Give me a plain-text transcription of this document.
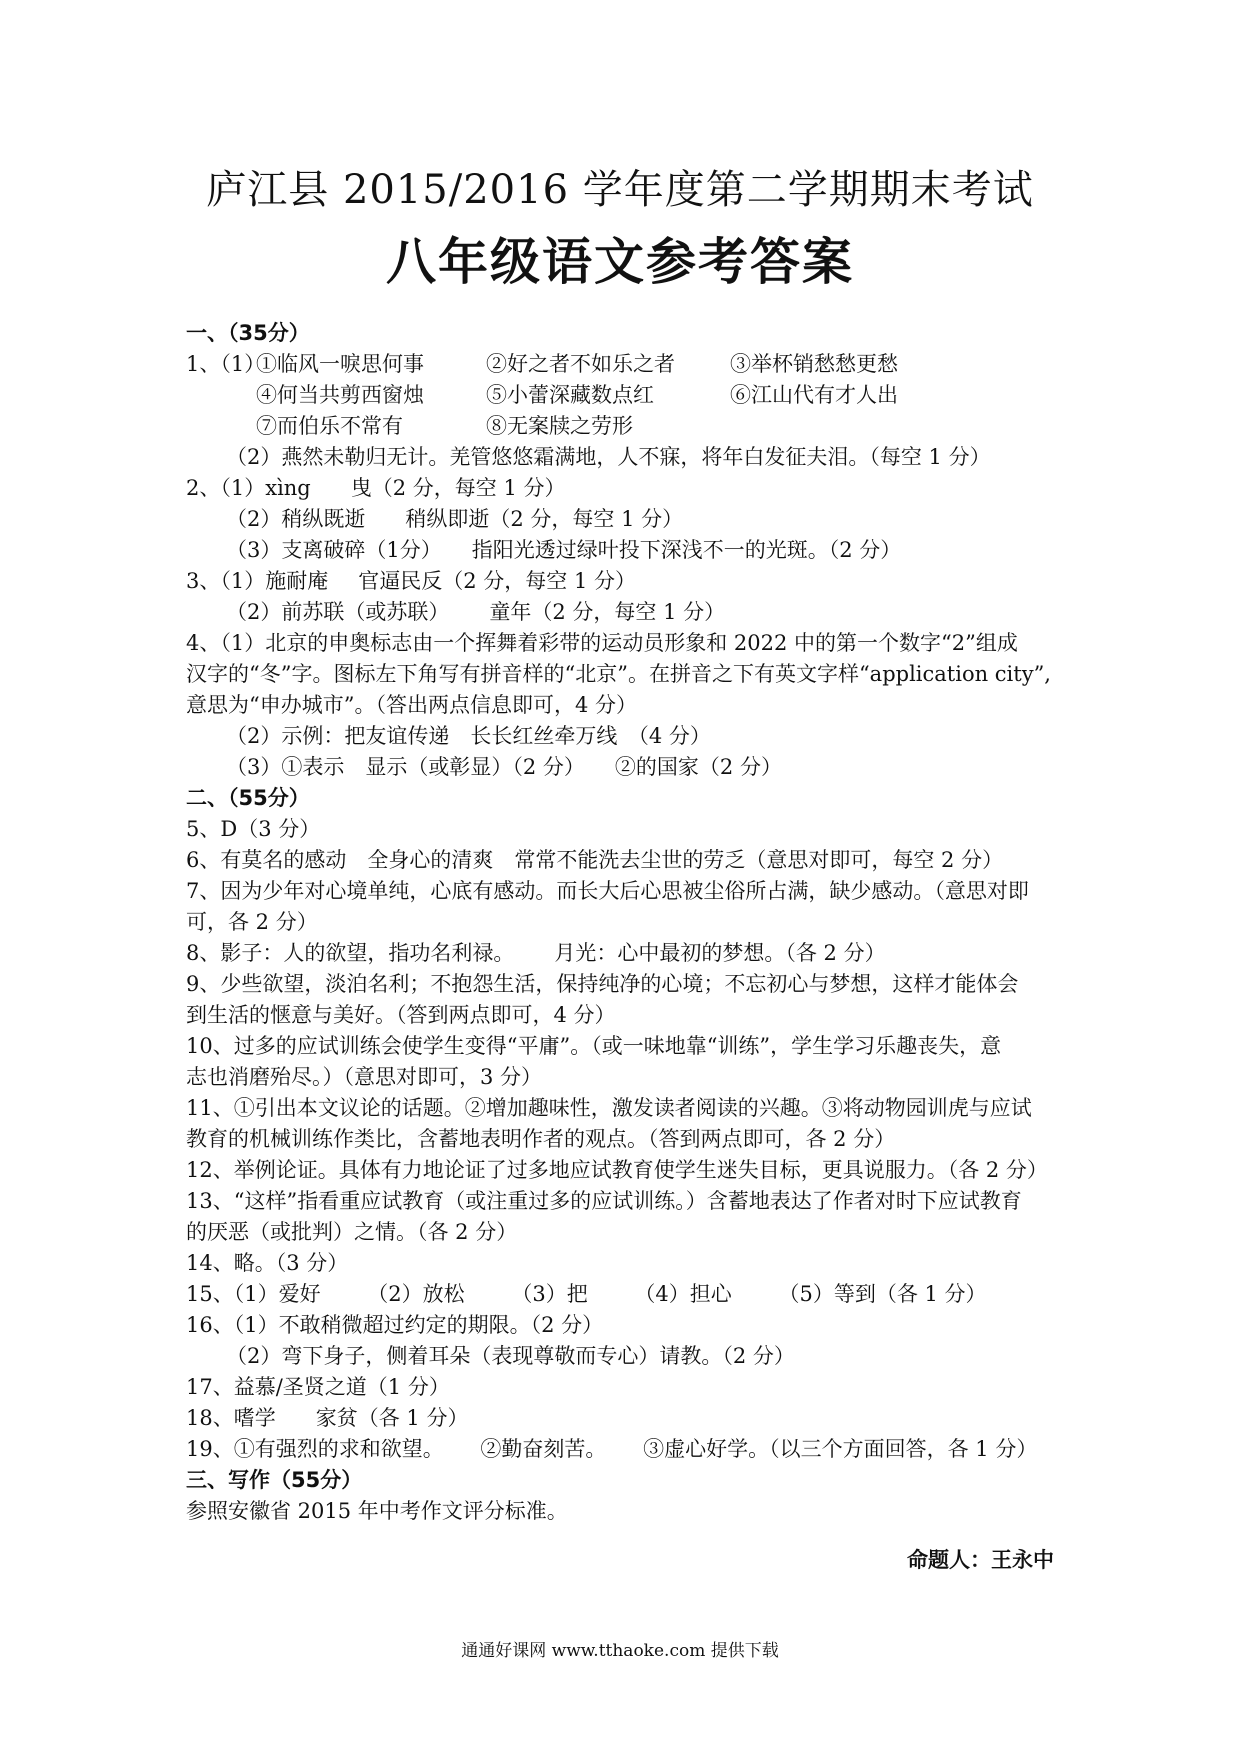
庐江县 2015/2016 学年度第二学期期末考试
八年级语文参考答案
一、（35分）
1、（1）
①临风一唳思何事	②好之者不如乐之者	③举杯销愁愁更愁
④何当共剪西窗烛	⑤小蕾深藏数点红	⑥江山代有才人出
⑦而伯乐不常有	⑧无案牍之劳形
（2）燕然未勒归无计。羌管悠悠霜满地，人不寐，将年白发征夫泪。（每空 1 分）
2、（1）xìng 曳（2 分，每空 1 分）
（2）稍纵既逝 稍纵即逝（2 分，每空 1 分）
（3）支离破碎（1分） 指阳光透过绿叶投下深浅不一的光斑。（2 分）
3、（1）施耐庵 官逼民反（2 分，每空 1 分）
（2）前苏联（或苏联） 童年（2 分，每空 1 分）
4、（1）北京的申奥标志由一个挥舞着彩带的运动员形象和 2022 中的第一个数字“2”组成
汉字的“冬”字。图标左下角写有拼音样的“北京”。在拼音之下有英文字样“application city”,
意思为“申办城市”。（答出两点信息即可，4 分）
（2）示例：把友谊传递　长长红丝牵万线　（4 分）
（3）①表示　显示（或彰显）（2 分） ②的国家（2 分）
二、（55分）
5、D（3 分）
6、有莫名的感动　全身心的清爽　常常不能洗去尘世的劳乏（意思对即可，每空 2 分）
7、因为少年对心境单纯，心底有感动。而长大后心思被尘俗所占满，缺少感动。（意思对即
可，各 2 分）
8、影子：人的欲望，指功名利禄。 月光：心中最初的梦想。（各 2 分）
9、少些欲望，淡泊名利；不抱怨生活，保持纯净的心境；不忘初心与梦想，这样才能体会
到生活的惬意与美好。（答到两点即可，4 分）
10、过多的应试训练会使学生变得“平庸”。（或一味地靠“训练”，学生学习乐趣丧失，意
志也消磨殆尽。）（意思对即可，3 分）
11、①引出本文议论的话题。②增加趣味性，激发读者阅读的兴趣。③将动物园训虎与应试
教育的机械训练作类比，含蓄地表明作者的观点。（答到两点即可，各 2 分）
12、举例论证。具体有力地论证了过多地应试教育使学生迷失目标，更具说服力。（各 2 分）
13、“这样”指看重应试教育（或注重过多的应试训练。）含蓄地表达了作者对时下应试教育
的厌恶（或批判）之情。（各 2 分）
14、略。（3 分）
15、（1）爱好 （2）放松 （3）把 （4）担心 （5）等到（各 1 分）
16、（1）不敢稍微超过约定的期限。（2 分）
（2）弯下身子，侧着耳朵（表现尊敬而专心）请教。（2 分）
17、益慕/圣贤之道（1 分）
18、嗜学 家贫（各 1 分）
19、①有强烈的求和欲望。 ②勤奋刻苦。 ③虚心好学。（以三个方面回答，各 1 分）
三、写作（55分）
参照安徽省 2015 年中考作文评分标准。
命题人：王永中
通通好课网 www.tthaoke.com 提供下载
